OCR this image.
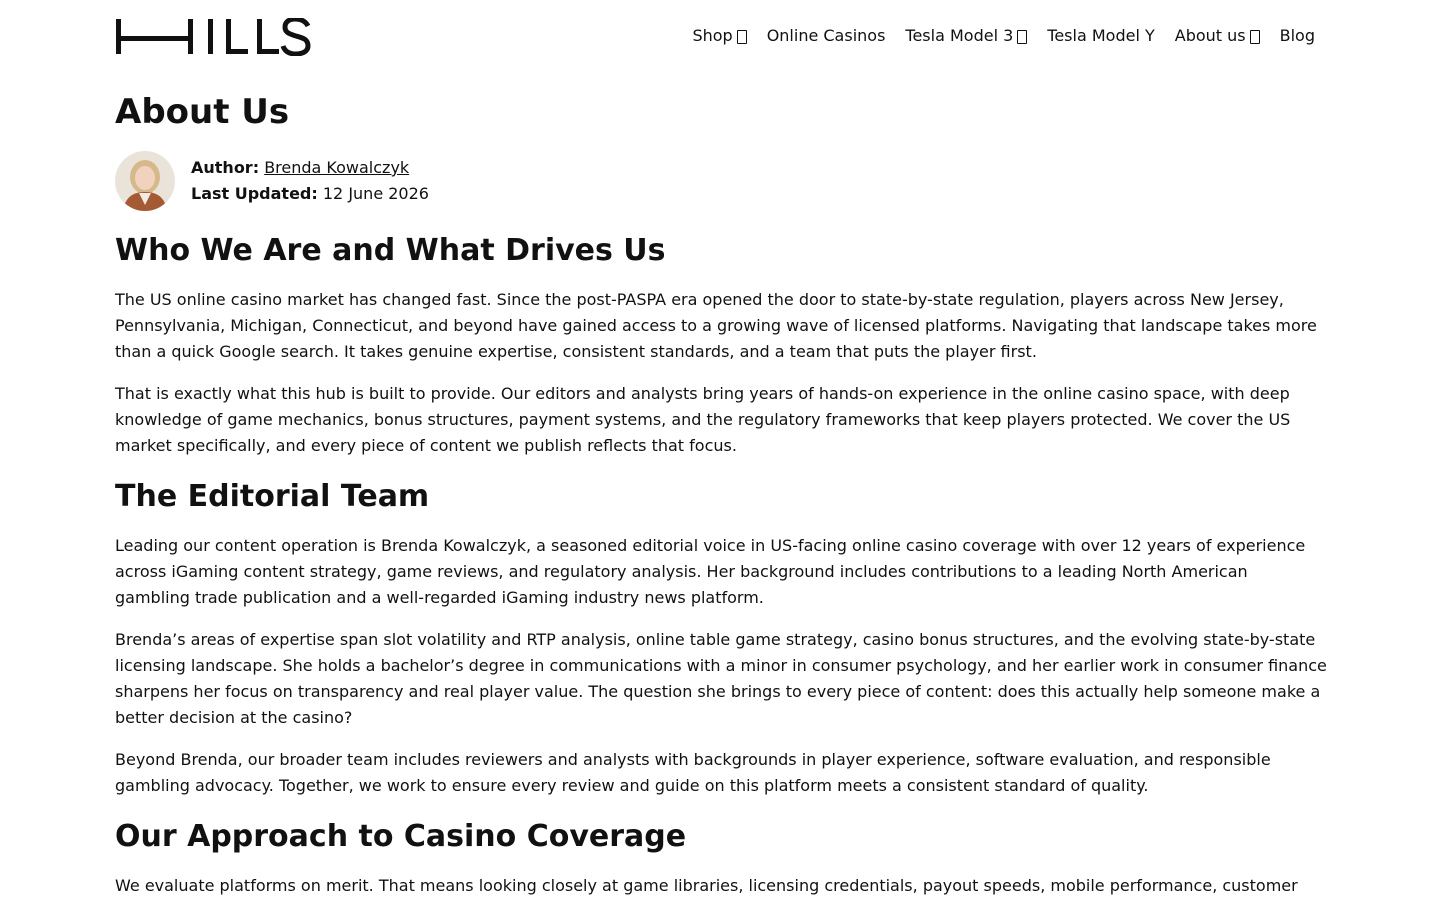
Shop Online Casinos Tesla Model 3 Tesla Model Y About us Blog
About Us
Author: Brenda Kowalczyk
Last Updated: 12 June 2026
Who We Are and What Drives Us

The US online casino market has changed fast. Since the post-PASPA era opened the door to state-by-state regulation, players across New Jersey, Pennsylvania, Michigan, Connecticut, and beyond have gained access to a growing wave of licensed platforms. Navigating that landscape takes more than a quick Google search. It takes genuine expertise, consistent standards, and a team that puts the player first.

That is exactly what this hub is built to provide. Our editors and analysts bring years of hands-on experience in the online casino space, with deep knowledge of game mechanics, bonus structures, payment systems, and the regulatory frameworks that keep players protected. We cover the US market specifically, and every piece of content we publish reflects that focus.

The Editorial Team

Leading our content operation is Brenda Kowalczyk, a seasoned editorial voice in US-facing online casino coverage with over 12 years of experience across iGaming content strategy, game reviews, and regulatory analysis. Her background includes contributions to a leading North American gambling trade publication and a well-regarded iGaming industry news platform.

Brenda’s areas of expertise span slot volatility and RTP analysis, online table game strategy, casino bonus structures, and the evolving state-by-state licensing landscape. She holds a bachelor’s degree in communications with a minor in consumer psychology, and her earlier work in consumer finance sharpens her focus on transparency and real player value. The question she brings to every piece of content: does this actually help someone make a better decision at the casino?

Beyond Brenda, our broader team includes reviewers and analysts with backgrounds in player experience, software evaluation, and responsible gambling advocacy. Together, we work to ensure every review and guide on this platform meets a consistent standard of quality.

Our Approach to Casino Coverage

We evaluate platforms on merit. That means looking closely at game libraries, licensing credentials, payout speeds, mobile performance, customer
